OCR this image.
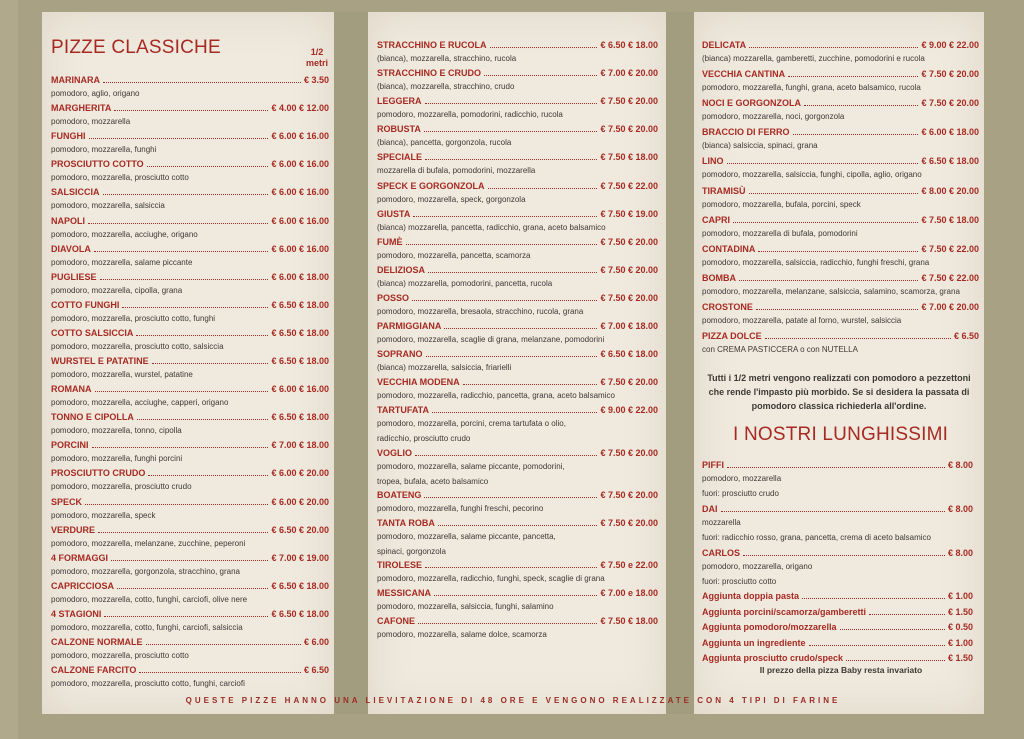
PIZZE CLASSICHE	1/2
metri
MARINARA	€ 3.50
pomodoro, aglio, origano
MARGHERITA	€ 4.00 € 12.00
pomodoro, mozzarella
FUNGHI	€ 6.00 € 16.00
pomodoro, mozzarella, funghi
PROSCIUTTO COTTO	€ 6.00 € 16.00
pomodoro, mozzarella, prosciutto cotto
SALSICCIA	€ 6.00 € 16.00
pomodoro, mozzarella, salsiccia
NAPOLI	€ 6.00 € 16.00
pomodoro, mozzarella, acciughe, origano
DIAVOLA	€ 6.00 € 16.00
pomodoro, mozzarella, salame piccante
PUGLIESE	€ 6.00 € 18.00
pomodoro, mozzarella, cipolla, grana
COTTO FUNGHI	€ 6.50 € 18.00
pomodoro, mozzarella, prosciutto cotto, funghi
COTTO SALSICCIA	€ 6.50 € 18.00
pomodoro, mozzarella, prosciutto cotto, salsiccia
WURSTEL E PATATINE	€ 6.50 € 18.00
pomodoro, mozzarella, wurstel, patatine
ROMANA	€ 6.00 € 16.00
pomodoro, mozzarella, acciughe, capperi, origano
TONNO E CIPOLLA	€ 6.50 € 18.00
pomodoro, mozzarella, tonno, cipolla
PORCINI	€ 7.00 € 18.00
pomodoro, mozzarella, funghi porcini
PROSCIUTTO CRUDO	€ 6.00 € 20.00
pomodoro, mozzarella, prosciutto crudo
SPECK	€ 6.00 € 20.00
pomodoro, mozzarella, speck
VERDURE	€ 6.50 € 20.00
pomodoro, mozzarella, melanzane, zucchine, peperoni
4 FORMAGGI	€ 7.00 € 19.00
pomodoro, mozzarella, gorgonzola, stracchino, grana
CAPRICCIOSA	€ 6.50 € 18.00
pomodoro, mozzarella, cotto, funghi, carciofi, olive nere
4 STAGIONI	€ 6.50 € 18.00
pomodoro, mozzarella, cotto, funghi, carciofi, salsiccia
CALZONE NORMALE	€ 6.00
pomodoro, mozzarella, prosciutto cotto
CALZONE FARCITO	€ 6.50
pomodoro, mozzarella, prosciutto cotto, funghi, carciofi
STRACCHINO E RUCOLA	€ 6.50 € 18.00
(bianca), mozzarella, stracchino, rucola
STRACCHINO E CRUDO	€ 7.00 € 20.00
(bianca), mozzarella, stracchino, crudo
LEGGERA	€ 7.50 € 20.00
pomodoro, mozzarella, pomodorini, radicchio, rucola
ROBUSTA	€ 7.50 € 20.00
(bianca), pancetta, gorgonzola, rucola
SPECIALE	€ 7.50 € 18.00
mozzarella di bufala, pomodorini, mozzarella
SPECK E GORGONZOLA	€ 7.50 € 22.00
pomodoro, mozzarella, speck, gorgonzola
GIUSTA	€ 7.50 € 19.00
(bianca) mozzarella, pancetta, radicchio, grana, aceto balsamico
FUMÈ	€ 7.50 € 20.00
pomodoro, mozzarella, pancetta, scamorza
DELIZIOSA	€ 7.50 € 20.00
(bianca) mozzarella, pomodorini, pancetta, rucola
POSSO	€ 7.50 € 20.00
pomodoro, mozzarella, bresaola, stracchino, rucola, grana
PARMIGGIANA	€ 7.00 € 18.00
pomodoro, mozzarella, scaglie di grana, melanzane, pomodorini
SOPRANO	€ 6.50 € 18.00
(bianca) mozzarella, salsiccia, friarielli
VECCHIA MODENA	€ 7.50 € 20.00
pomodoro, mozzarella, radicchio, pancetta, grana, aceto balsamico
TARTUFATA	€ 9.00 € 22.00
pomodoro, mozzarella, porcini, crema tartufata o olio,
radicchio, prosciutto crudo
VOGLIO	€ 7.50 € 20.00
pomodoro, mozzarella, salame piccante, pomodorini,
tropea, bufala, aceto balsamico
BOATENG	€ 7.50 € 20.00
pomodoro, mozzarella, funghi freschi, pecorino
TANTA ROBA	€ 7.50 € 20.00
pomodoro, mozzarella, salame piccante, pancetta,
spinaci, gorgonzola
TIROLESE	€ 7.50 e 22.00
pomodoro, mozzarella, radicchio, funghi, speck, scaglie di grana
MESSICANA	€ 7.00 e 18.00
pomodoro, mozzarella, salsiccia, funghi, salamino
CAFONE	€ 7.50 € 18.00
pomodoro, mozzarella, salame dolce, scamorza
DELICATA	€ 9.00 € 22.00
(bianca) mozzarella, gamberetti, zucchine, pomodorini e rucola
VECCHIA CANTINA	€ 7.50 € 20.00
pomodoro, mozzarella, funghi, grana, aceto balsamico, rucola
NOCI E GORGONZOLA	€ 7.50 € 20.00
pomodoro, mozzarella, noci, gorgonzola
BRACCIO DI FERRO	€ 6.00 € 18.00
(bianca) salsiccia, spinaci, grana
LINO	€ 6.50 € 18.00
pomodoro, mozzarella, salsiccia, funghi, cipolla, aglio, origano
TIRAMISÙ	€ 8.00 € 20.00
pomodoro, mozzarella, bufala, porcini, speck
CAPRI	€ 7.50 € 18.00
pomodoro, mozzarella di bufala, pomodorini
CONTADINA	€ 7.50 € 22.00
pomodoro, mozzarella, salsiccia, radicchio, funghi freschi, grana
BOMBA	€ 7.50 € 22.00
pomodoro, mozzarella, melanzane, salsiccia, salamino, scamorza, grana
CROSTONE	€ 7.00 € 20.00
pomodoro, mozzarella, patate al forno, wurstel, salsiccia
PIZZA DOLCE	€ 6.50
con CREMA PASTICCERA o con NUTELLA
Tutti i 1/2 metri vengono realizzati con pomodoro a pezzettoni
che rende l'impasto più morbido. Se si desidera la passata di
pomodoro classica richiederla all'ordine.
I NOSTRI LUNGHISSIMI
PIFFI	€ 8.00
pomodoro, mozzarella
fuori: prosciutto crudo
DAI	€ 8.00
mozzarella
fuori: radicchio rosso, grana, pancetta, crema di aceto balsamico
CARLOS	€ 8.00
pomodoro, mozzarella, origano
fuori: prosciutto cotto
Aggiunta doppia pasta	€ 1.00
Aggiunta porcini/scamorza/gamberetti	€ 1.50
Aggiunta pomodoro/mozzarella	€ 0.50
Aggiunta un ingrediente	€ 1.00
Aggiunta prosciutto crudo/speck	€ 1.50
Il prezzo della pizza Baby resta invariato
QUESTE PIZZE HANNO UNA LIEVITAZIONE DI 48 ORE E VENGONO REALIZZATE CON 4 TIPI DI FARINE
